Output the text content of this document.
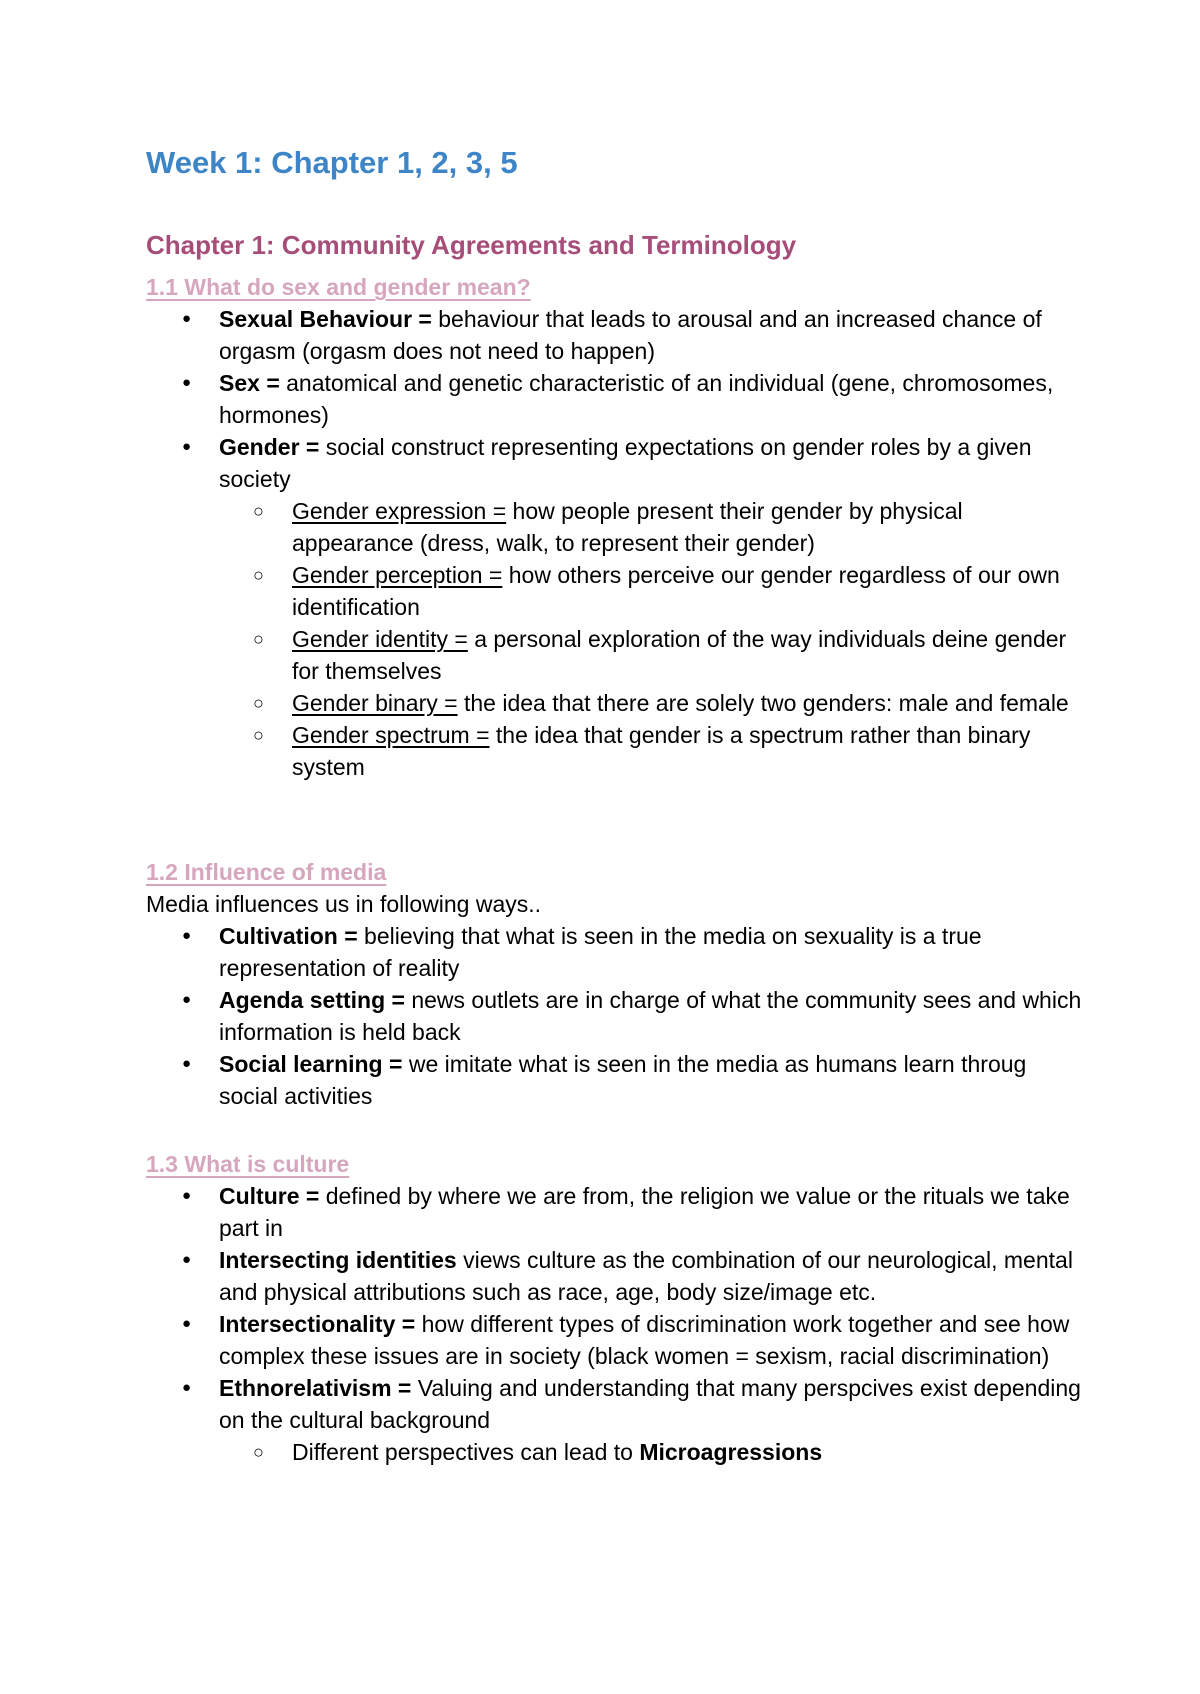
Week 1: Chapter 1, 2, 3, 5
Chapter 1: Community Agreements and Terminology
1.1 What do sex and gender mean?
● Sexual Behaviour = behaviour that leads to arousal and an increased chance of orgasm (orgasm does not need to happen)
● Sex = anatomical and genetic characteristic of an individual (gene, chromosomes, hormones)
● Gender = social construct representing expectations on gender roles by a given society
○ Gender expression = how people present their gender by physical appearance (dress, walk, to represent their gender)
○ Gender perception = how others perceive our gender regardless of our own identification
○ Gender identity = a personal exploration of the way individuals deine gender for themselves
○ Gender binary = the idea that there are solely two genders: male and female
○ Gender spectrum = the idea that gender is a spectrum rather than binary system
1.2 Influence of media

Media influences us in following ways..

● Cultivation = believing that what is seen in the media on sexuality is a true representation of reality
● Agenda setting = news outlets are in charge of what the community sees and which information is held back
● Social learning = we imitate what is seen in the media as humans learn throug social activities
1.3 What is culture
● Culture = defined by where we are from, the religion we value or the rituals we take part in
● Intersecting identities views culture as the combination of our neurological, mental and physical attributions such as race, age, body size/image etc.
● Intersectionality = how different types of discrimination work together and see how complex these issues are in society (black women = sexism, racial discrimination)
● Ethnorelativism = Valuing and understanding that many perspcives exist depending on the cultural background
○ Different perspectives can lead to Microagressions
